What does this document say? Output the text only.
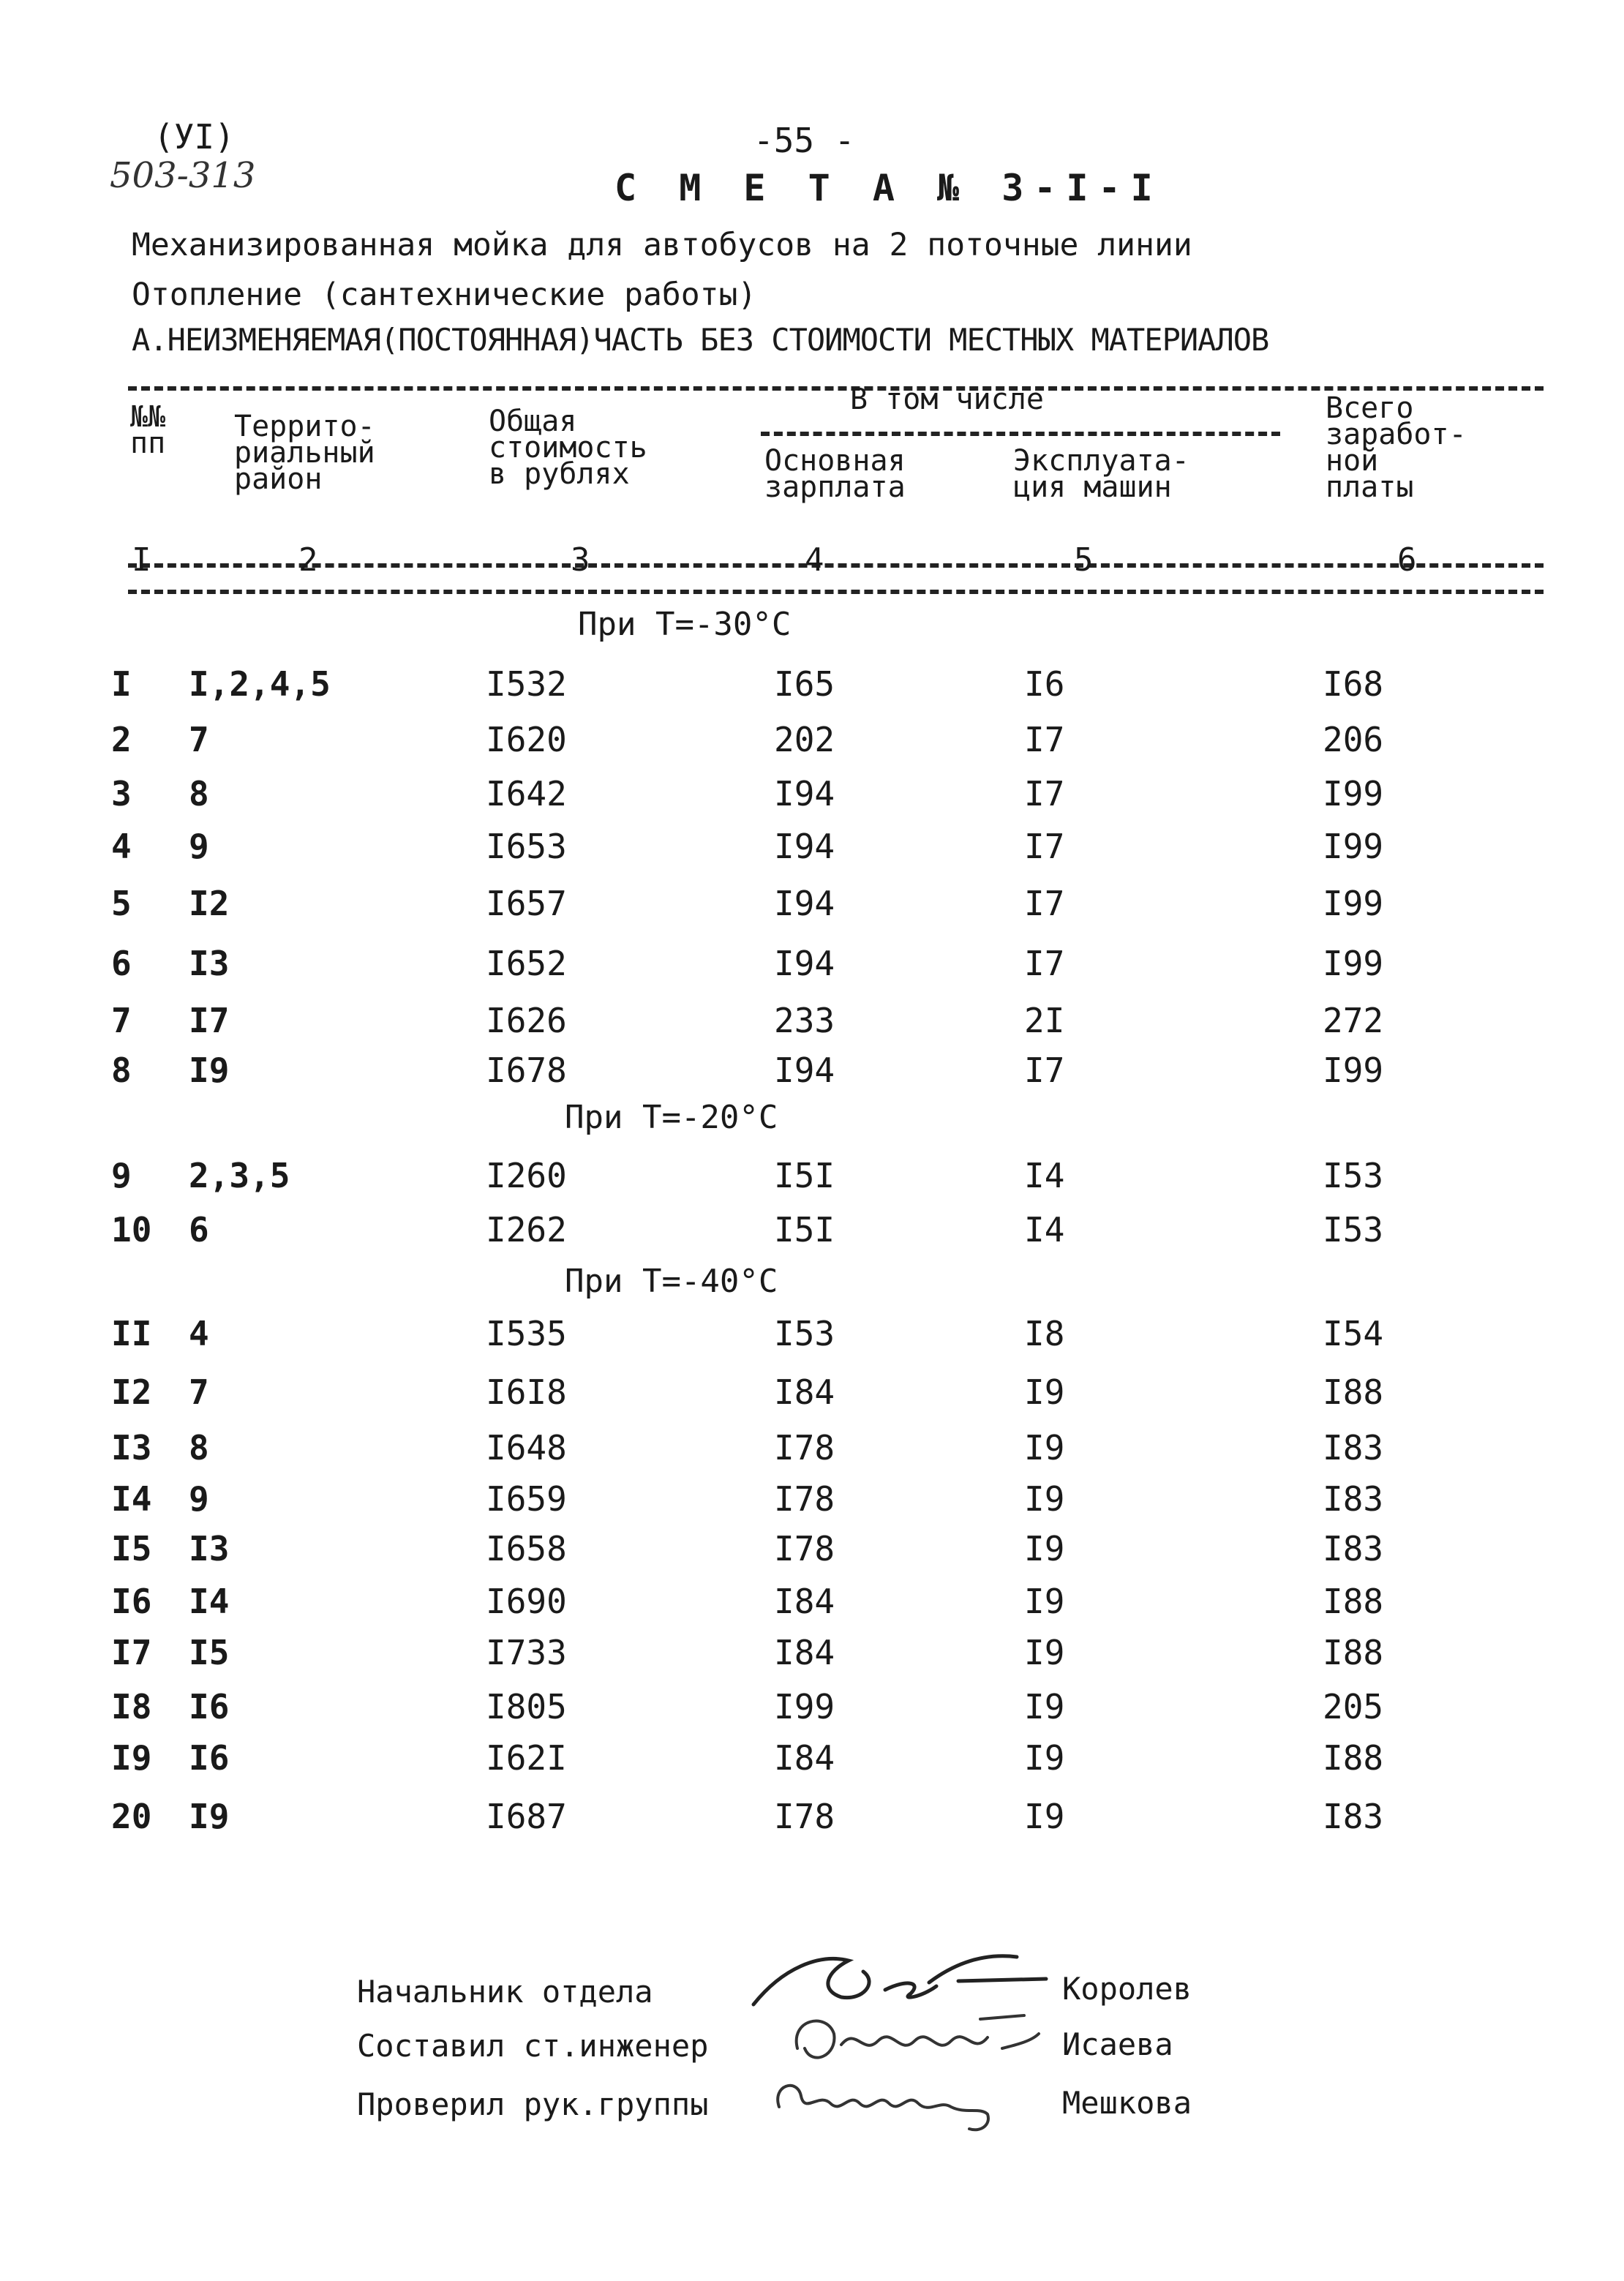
(УI)
503-313
-55 -
С М Е Т А № 3-I-I
Механизированная мойка для автобусов на 2 поточные линии
Отопление (сантехнические работы)
А.НЕИЗМЕНЯЕМАЯ(ПОСТОЯННАЯ)ЧАСТЬ БЕЗ СТОИМОСТИ МЕСТНЫХ МАТЕРИАЛОВ
№№
пп Террито-
риальный
район
Общая
стоимость
в рублях
В том числе
Основная
зарплата
Эксплуата-
ция машин
Всего
заработ-
ной
платы
I	2	3	4	5	6
При Т=-30°С
При Т=-20°С
При Т=-40°С
I I,2,4,5	I532	I65	I6	I68
2 7	I620	202	I7	206
3 8	I642	I94	I7	I99
4 9	I653	I94	I7	I99
5 I2	I657	I94	I7	I99
6 I3	I652	I94	I7	I99
7 I7	I626	233	2I	272
8 I9	I678	I94	I7	I99
9 2,3,5	I260	I5I	I4	I53
10 6	I262	I5I	I4	I53
II 4	I535	I53	I8	I54
I2 7	I6I8	I84	I9	I88
I3 8	I648	I78	I9	I83
I4 9	I659	I78	I9	I83
I5 I3	I658	I78	I9	I83
I6 I4	I690	I84	I9	I88
I7 I5	I733	I84	I9	I88
I8 I6	I805	I99	I9	205
I9 I6	I62I	I84	I9	I88
20 I9	I687	I78	I9	I83
Начальник отдела	Королев
Составил ст.инженер	Исаева
Проверил рук.группы	Мешкова
